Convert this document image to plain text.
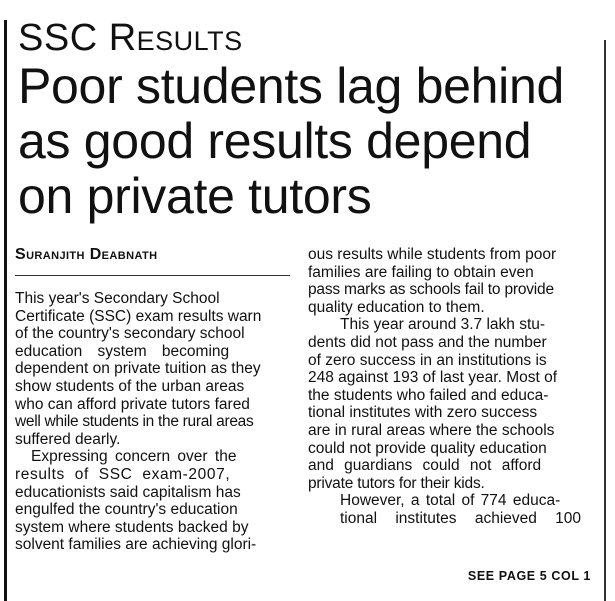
SSC Results
Poor students lag behind
as good results depend
on private tutors
Suranjith Deabnath
This year's Secondary School
Certificate (SSC) exam results warn
of the country's secondary school
education system becoming
dependent on private tuition as they
show students of the urban areas
who can afford private tutors fared
well while students in the rural areas
suffered dearly.
Expressing concern over the
results of SSC exam-2007,
educationists said capitalism has
engulfed the country's education
system where students backed by
solvent families are achieving glori-
ous results while students from poor
families are failing to obtain even
pass marks as schools fail to provide
quality education to them.
This year around 3.7 lakh stu-
dents did not pass and the number
of zero success in an institutions is
248 against 193 of last year. Most of
the students who failed and educa-
tional institutes with zero success
are in rural areas where the schools
could not provide quality education
and guardians could not afford
private tutors for their kids.
However, a total of 774 educa-
tional institutes achieved 100
SEE PAGE 5 COL 1
